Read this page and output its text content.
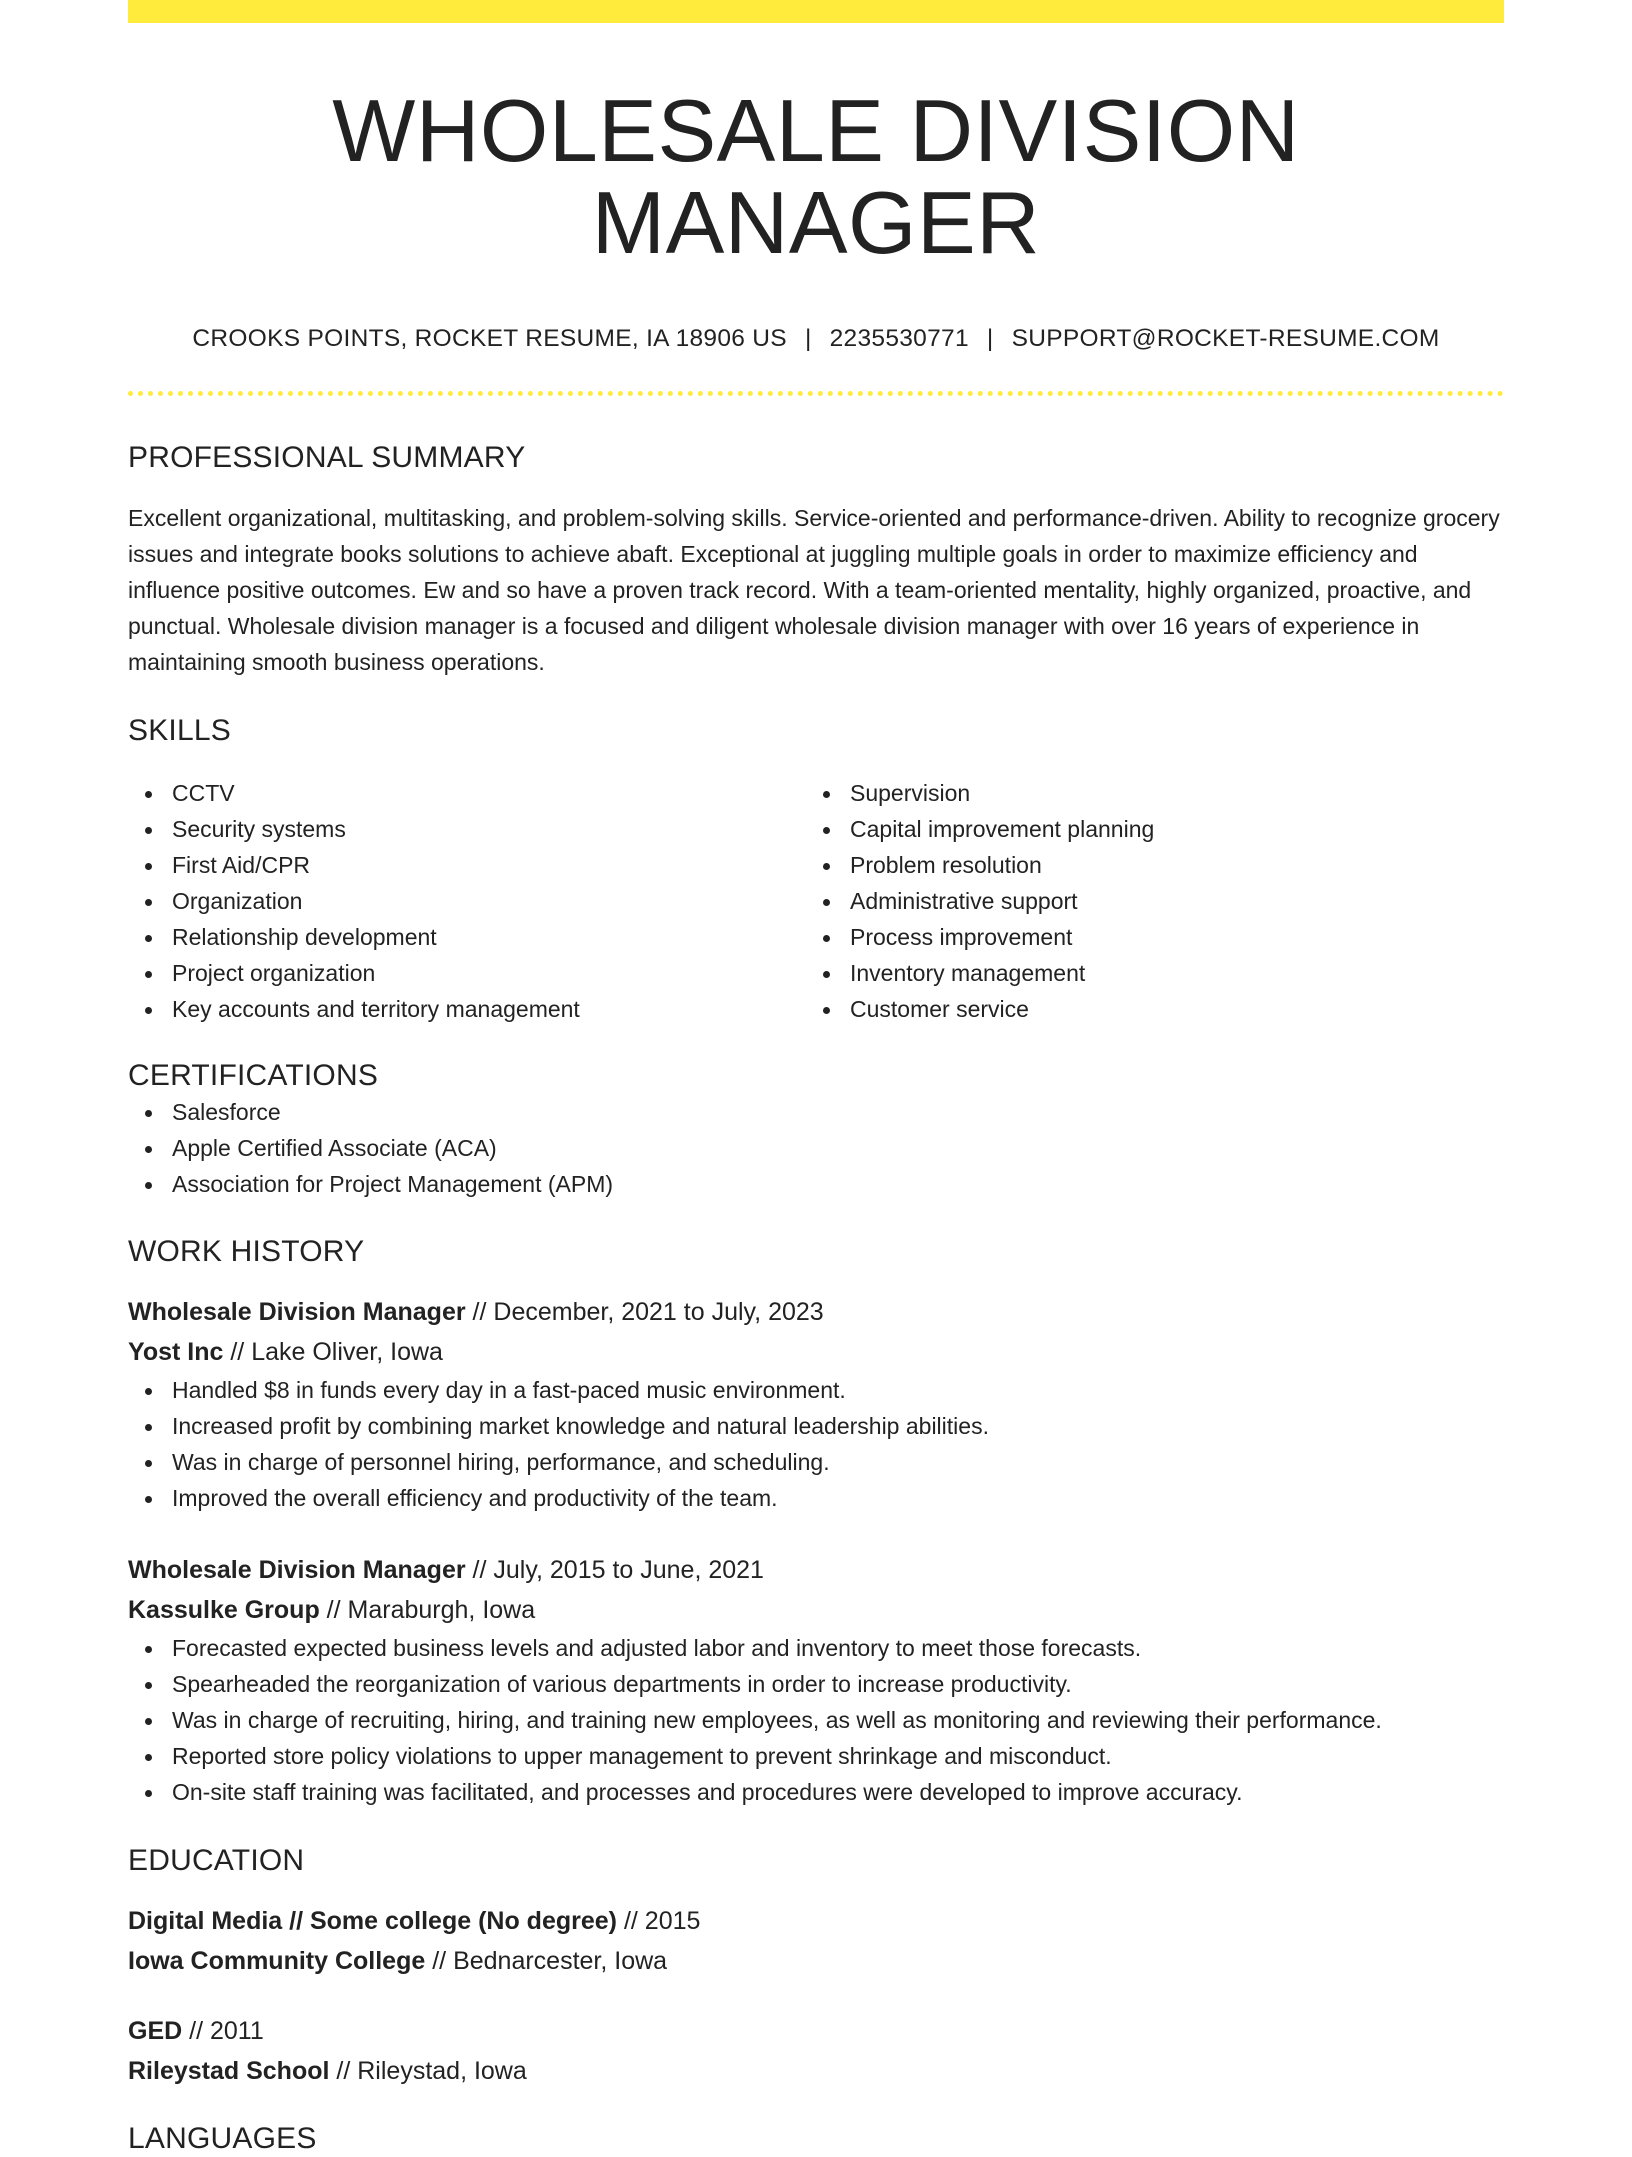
WHOLESALE DIVISION MANAGER
CROOKS POINTS, ROCKET RESUME, IA 18906 US | 2235530771 | SUPPORT@ROCKET-RESUME.COM
PROFESSIONAL SUMMARY

Excellent organizational, multitasking, and problem-solving skills. Service-oriented and performance-driven. Ability to recognize grocery issues and integrate books solutions to achieve abaft. Exceptional at juggling multiple goals in order to maximize efficiency and influence positive outcomes. Ew and so have a proven track record. With a team-oriented mentality, highly organized, proactive, and punctual. Wholesale division manager is a focused and diligent wholesale division manager with over 16 years of experience in maintaining smooth business operations.

SKILLS
CCTV
Security systems
First Aid/CPR
Organization
Relationship development
Project organization
Key accounts and territory management
Supervision
Capital improvement planning
Problem resolution
Administrative support
Process improvement
Inventory management
Customer service
CERTIFICATIONS
Salesforce
Apple Certified Associate (ACA)
Association for Project Management (APM)
WORK HISTORY
Wholesale Division Manager // December, 2021 to July, 2023
Yost Inc // Lake Oliver, Iowa
Handled $8 in funds every day in a fast-paced music environment.
Increased profit by combining market knowledge and natural leadership abilities.
Was in charge of personnel hiring, performance, and scheduling.
Improved the overall efficiency and productivity of the team.
Wholesale Division Manager // July, 2015 to June, 2021
Kassulke Group // Maraburgh, Iowa
Forecasted expected business levels and adjusted labor and inventory to meet those forecasts.
Spearheaded the reorganization of various departments in order to increase productivity.
Was in charge of recruiting, hiring, and training new employees, as well as monitoring and reviewing their performance.
Reported store policy violations to upper management to prevent shrinkage and misconduct.
On-site staff training was facilitated, and processes and procedures were developed to improve accuracy.
EDUCATION
Digital Media // Some college (No degree) // 2015
Iowa Community College // Bednarcester, Iowa
GED // 2011
Rileystad School // Rileystad, Iowa
LANGUAGES
